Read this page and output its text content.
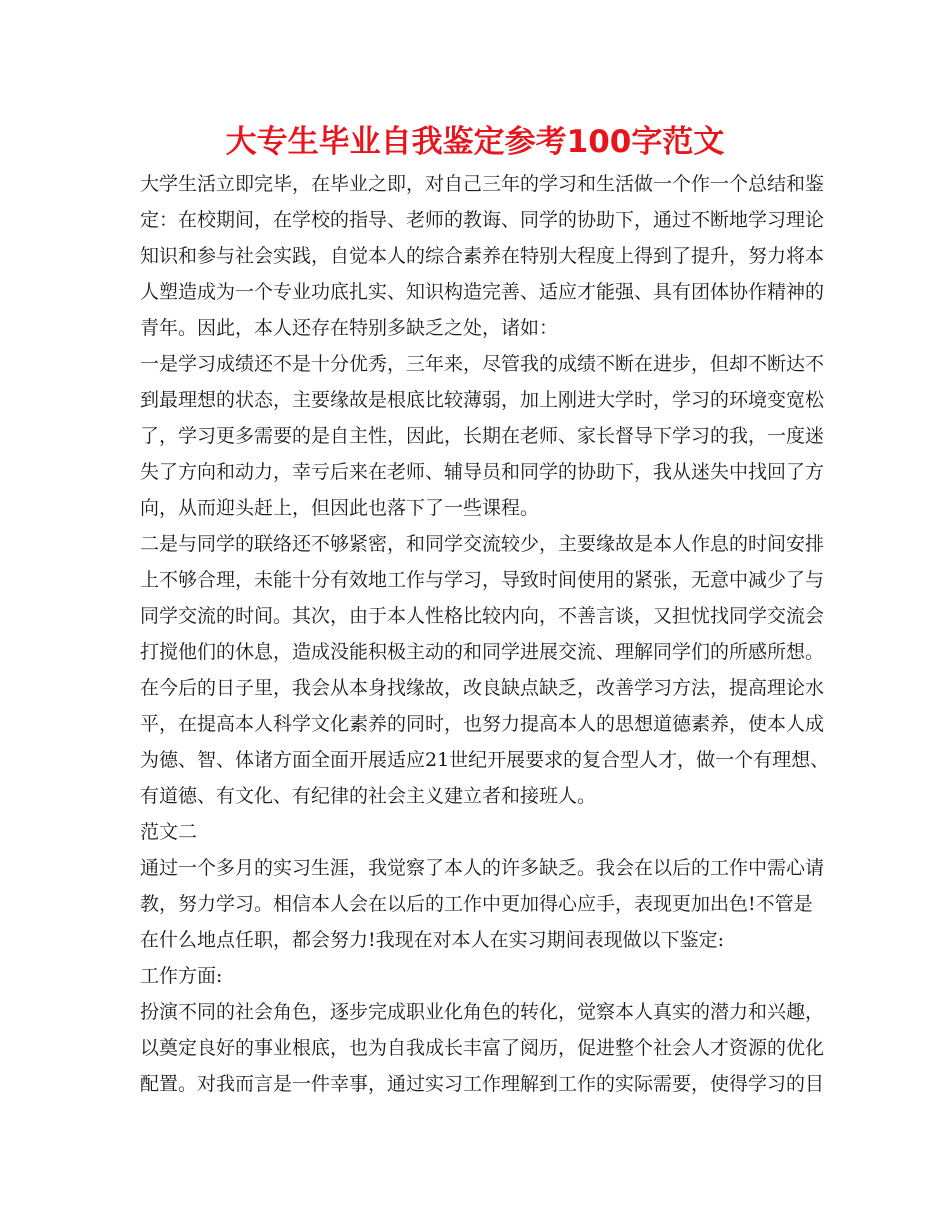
大专生毕业自我鉴定参考100字范文
大学生活立即完毕，在毕业之即，对自己三年的学习和生活做一个作一个总结和鉴
定：在校期间，在学校的指导、老师的教诲、同学的协助下，通过不断地学习理论
知识和参与社会实践，自觉本人的综合素养在特别大程度上得到了提升，努力将本
人塑造成为一个专业功底扎实、知识构造完善、适应才能强、具有团体协作精神的
青年。因此，本人还存在特别多缺乏之处，诸如：
一是学习成绩还不是十分优秀，三年来，尽管我的成绩不断在进步，但却不断达不
到最理想的状态，主要缘故是根底比较薄弱，加上刚进大学时，学习的环境变宽松
了，学习更多需要的是自主性，因此，长期在老师、家长督导下学习的我，一度迷
失了方向和动力，幸亏后来在老师、辅导员和同学的协助下，我从迷失中找回了方
向，从而迎头赶上，但因此也落下了一些课程。
二是与同学的联络还不够紧密，和同学交流较少，主要缘故是本人作息的时间安排
上不够合理，未能十分有效地工作与学习，导致时间使用的紧张，无意中减少了与
同学交流的时间。其次，由于本人性格比较内向，不善言谈，又担忧找同学交流会
打搅他们的休息，造成没能积极主动的和同学进展交流、理解同学们的所感所想。
在今后的日子里，我会从本身找缘故，改良缺点缺乏，改善学习方法，提高理论水
平，在提高本人科学文化素养的同时，也努力提高本人的思想道德素养，使本人成
为德、智、体诸方面全面开展适应21世纪开展要求的复合型人才，做一个有理想、
有道德、有文化、有纪律的社会主义建立者和接班人。
范文二
通过一个多月的实习生涯，我觉察了本人的许多缺乏。我会在以后的工作中需心请
教，努力学习。相信本人会在以后的工作中更加得心应手，表现更加出色!不管是
在什么地点任职，都会努力!我现在对本人在实习期间表现做以下鉴定:
工作方面:
扮演不同的社会角色，逐步完成职业化角色的转化，觉察本人真实的潜力和兴趣，
以奠定良好的事业根底，也为自我成长丰富了阅历，促进整个社会人才资源的优化
配置。对我而言是一件幸事，通过实习工作理解到工作的实际需要，使得学习的目
